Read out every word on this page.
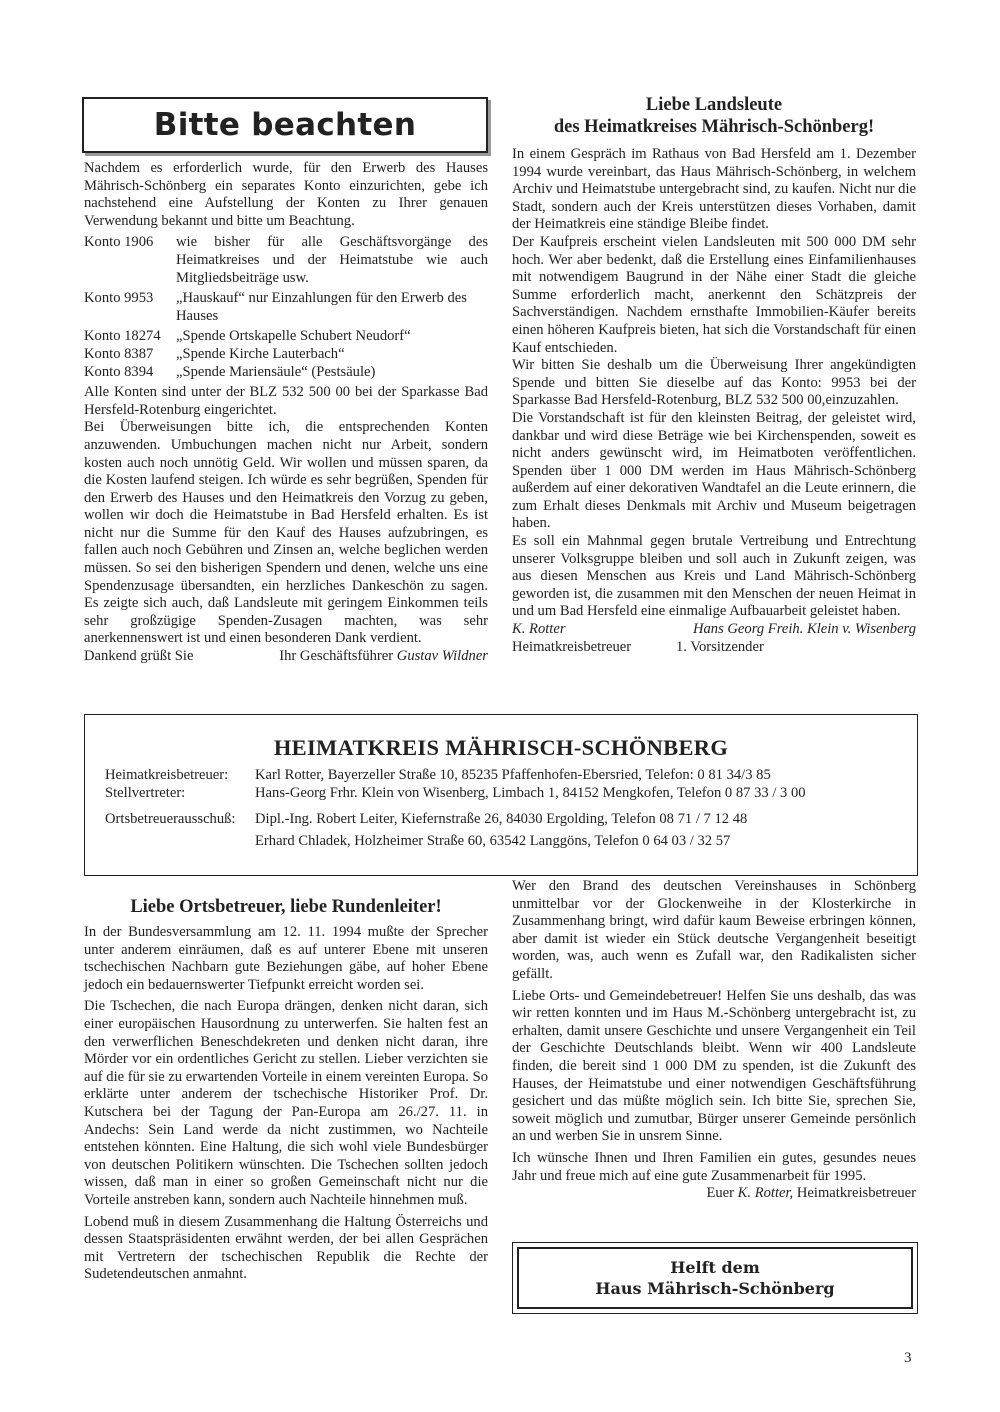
Bitte beachten

Nachdem es erforderlich wurde, für den Erwerb des Hauses Mährisch-Schönberg ein separates Konto einzurichten, gebe ich nachstehend eine Aufstellung der Konten zu Ihrer genauen Verwendung bekannt und bitte um Beachtung.

Konto 1906	wie bisher für alle Geschäftsvorgänge des Heimatkreises und der Heimatstube wie auch Mitgliedsbeiträge usw.
Konto 9953	„Hauskauf“ nur Einzahlungen für den Erwerb des Hauses
Konto 18274	„Spende Ortskapelle Schubert Neudorf“
Konto 8387	„Spende Kirche Lauterbach“
Konto 8394	„Spende Mariensäule“ (Pestsäule)

Alle Konten sind unter der BLZ 532 500 00 bei der Sparkasse Bad Hersfeld-Rotenburg eingerichtet.

Bei Überweisungen bitte ich, die entsprechenden Konten anzuwenden. Umbuchungen machen nicht nur Arbeit, sondern kosten auch noch unnötig Geld. Wir wollen und müssen sparen, da die Kosten laufend steigen. Ich würde es sehr begrüßen, Spenden für den Erwerb des Hauses und den Heimatkreis den Vorzug zu geben, wollen wir doch die Heimatstube in Bad Hersfeld erhalten. Es ist nicht nur die Summe für den Kauf des Hauses aufzubringen, es fallen auch noch Gebühren und Zinsen an, welche beglichen werden müssen. So sei den bisherigen Spendern und denen, welche uns eine Spendenzusage übersandten, ein herzliches Dankeschön zu sagen. Es zeigte sich auch, daß Landsleute mit geringem Einkommen teils sehr großzügige Spenden-Zusagen machten, was sehr anerkennenswert ist und einen besonderen Dank verdient.

Dankend grüßt Sie	Ihr Geschäftsführer Gustav Wildner
Liebe Landsleute
des Heimatkreises Mährisch-Schönberg!

In einem Gespräch im Rathaus von Bad Hersfeld am 1. Dezember 1994 wurde vereinbart, das Haus Mährisch-Schönberg, in welchem Archiv und Heimatstube untergebracht sind, zu kaufen. Nicht nur die Stadt, sondern auch der Kreis unterstützen dieses Vorhaben, damit der Heimatkreis eine ständige Bleibe findet.

Der Kaufpreis erscheint vielen Landsleuten mit 500 000 DM sehr hoch. Wer aber bedenkt, daß die Erstellung eines Einfamilienhauses mit notwendigem Baugrund in der Nähe einer Stadt die gleiche Summe erforderlich macht, anerkennt den Schätzpreis der Sachverständigen. Nachdem ernsthafte Immobilien-Käufer bereits einen höheren Kaufpreis bieten, hat sich die Vorstandschaft für einen Kauf entschieden.

Wir bitten Sie deshalb um die Überweisung Ihrer angekündigten Spende und bitten Sie dieselbe auf das Konto: 9953 bei der Sparkasse Bad Hersfeld-Rotenburg, BLZ 532 500 00,einzuzahlen.

Die Vorstandschaft ist für den kleinsten Beitrag, der geleistet wird, dankbar und wird diese Beträge wie bei Kirchenspenden, soweit es nicht anders gewünscht wird, im Heimatboten veröffentlichen. Spenden über 1 000 DM werden im Haus Mährisch-Schönberg außerdem auf einer dekorativen Wandtafel an die Leute erinnern, die zum Erhalt dieses Denkmals mit Archiv und Museum beigetragen haben.

Es soll ein Mahnmal gegen brutale Vertreibung und Entrechtung unserer Volksgruppe bleiben und soll auch in Zukunft zeigen, was aus diesen Menschen aus Kreis und Land Mährisch-Schönberg geworden ist, die zusammen mit den Menschen der neuen Heimat in und um Bad Hersfeld eine einmalige Aufbauarbeit geleistet haben.

K. Rotter	Hans Georg Freih. Klein v. Wisenberg
Heimatkreisbetreuer	1. Vorsitzender
HEIMATKREIS MÄHRISCH-SCHÖNBERG
Heimatkreisbetreuer:	Karl Rotter, Bayerzeller Straße 10, 85235 Pfaffenhofen-Ebersried, Telefon: 0 81 34/3 85
Stellvertreter:	Hans-Georg Frhr. Klein von Wisenberg, Limbach 1, 84152 Mengkofen, Telefon 0 87 33 / 3 00
Ortsbetreuerausschuß:	Dipl.-Ing. Robert Leiter, Kiefernstraße 26, 84030 Ergolding, Telefon 08 71 / 7 12 48
Erhard Chladek, Holzheimer Straße 60, 63542 Langgöns, Telefon 0 64 03 / 32 57
Liebe Ortsbetreuer, liebe Rundenleiter!

In der Bundesversammlung am 12. 11. 1994 mußte der Sprecher unter anderem einräumen, daß es auf unterer Ebene mit unseren tschechischen Nachbarn gute Beziehungen gäbe, auf hoher Ebene jedoch ein bedauernswerter Tiefpunkt erreicht worden sei.

Die Tschechen, die nach Europa drängen, denken nicht daran, sich einer europäischen Hausordnung zu unterwerfen. Sie halten fest an den verwerflichen Beneschdekreten und denken nicht daran, ihre Mörder vor ein ordentliches Gericht zu stellen. Lieber verzichten sie auf die für sie zu erwartenden Vorteile in einem vereinten Europa. So erklärte unter anderem der tschechische Historiker Prof. Dr. Kutschera bei der Tagung der Pan-Europa am 26./27. 11. in Andechs: Sein Land werde da nicht zustimmen, wo Nachteile entstehen könnten. Eine Haltung, die sich wohl viele Bundesbürger von deutschen Politikern wünschten. Die Tschechen sollten jedoch wissen, daß man in einer so großen Gemeinschaft nicht nur die Vorteile anstreben kann, sondern auch Nachteile hinnehmen muß.

Lobend muß in diesem Zusammenhang die Haltung Österreichs und dessen Staatspräsidenten erwähnt werden, der bei allen Gesprächen mit Vertretern der tschechischen Republik die Rechte der Sudetendeutschen anmahnt.

Wer den Brand des deutschen Vereinshauses in Schönberg unmittelbar vor der Glockenweihe in der Klosterkirche in Zusammenhang bringt, wird dafür kaum Beweise erbringen können, aber damit ist wieder ein Stück deutsche Vergangenheit beseitigt worden, was, auch wenn es Zufall war, den Radikalisten sicher gefällt.

Liebe Orts- und Gemeindebetreuer! Helfen Sie uns deshalb, das was wir retten konnten und im Haus M.-Schönberg untergebracht ist, zu erhalten, damit unsere Geschichte und unsere Vergangenheit ein Teil der Geschichte Deutschlands bleibt. Wenn wir 400 Landsleute finden, die bereit sind 1 000 DM zu spenden, ist die Zukunft des Hauses, der Heimatstube und einer notwendigen Geschäftsführung gesichert und das müßte möglich sein. Ich bitte Sie, sprechen Sie, soweit möglich und zumutbar, Bürger unserer Gemeinde persönlich an und werben Sie in unsrem Sinne.

Ich wünsche Ihnen und Ihren Familien ein gutes, gesundes neues Jahr und freue mich auf eine gute Zusammenarbeit für 1995.

Euer K. Rotter, Heimatkreisbetreuer
Helft dem
Haus Mährisch-Schönberg
3
